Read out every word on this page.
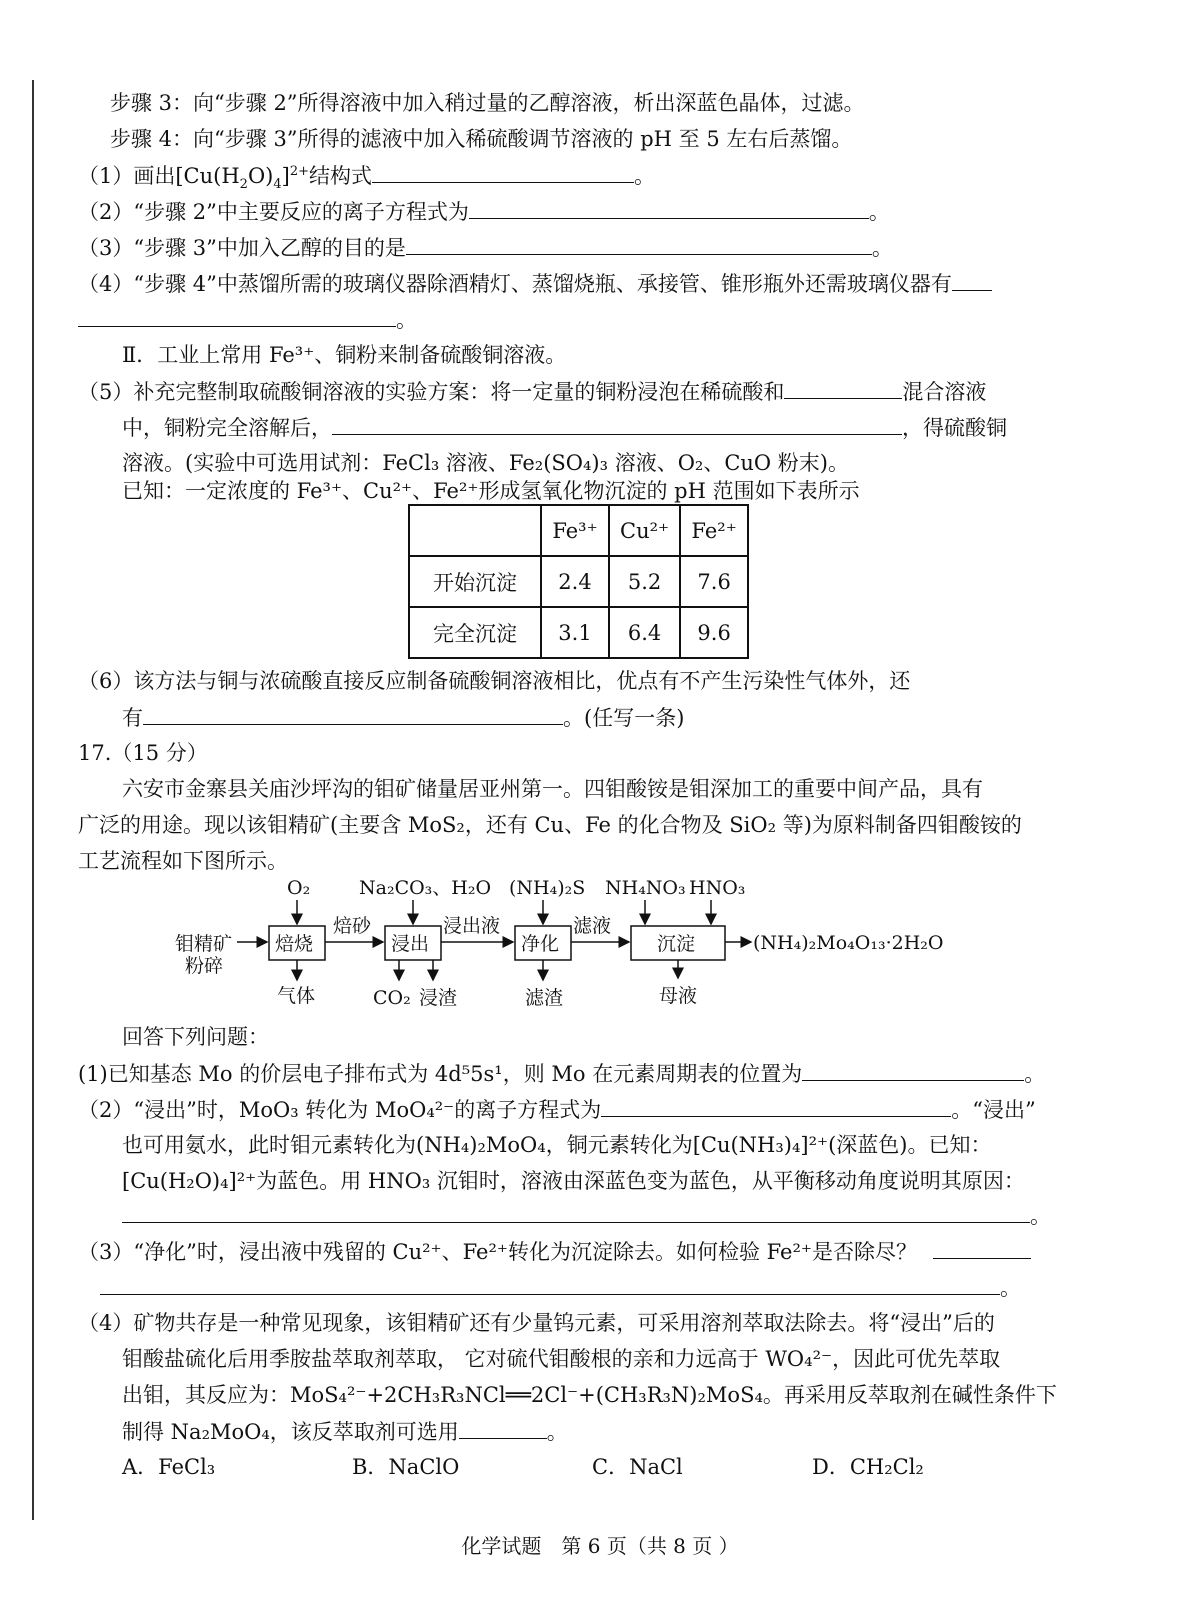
步骤 3：向“步骤 2”所得溶液中加入稍过量的乙醇溶液，析出深蓝色晶体，过滤。
步骤 4：向“步骤 3”所得的滤液中加入稀硫酸调节溶液的 pH 至 5 左右后蒸馏。
（1）画出$[Cu(H_2O)_4]^{2+}$结构式	。
（2）“步骤 2”中主要反应的离子方程式为	。
（3）“步骤 3”中加入乙醇的目的是	。
（4）“步骤 4”中蒸馏所需的玻璃仪器除酒精灯、蒸馏烧瓶、承接管、锥形瓶外还需玻璃仪器有
。
Ⅱ．工业上常用 Fe³⁺、铜粉来制备硫酸铜溶液。
（5）补充完整制取硫酸铜溶液的实验方案：将一定量的铜粉浸泡在稀硫酸和	混合溶液
中，铜粉完全溶解后，	，得硫酸铜
溶液。(实验中可选用试剂：FeCl₃ 溶液、Fe₂(SO₄)₃ 溶液、O₂、CuO 粉末)。
已知：一定浓度的 Fe³⁺、Cu²⁺、Fe²⁺形成氢氧化物沉淀的 pH 范围如下表所示
	Fe³⁺	Cu²⁺	Fe²⁺
开始沉淀	2.4	5.2	7.6
完全沉淀	3.1	6.4	9.6
（6）该方法与铜与浓硫酸直接反应制备硫酸铜溶液相比，优点有不产生污染性气体外，还
有	。(任写一条)
17.（15 分）
六安市金寨县关庙沙坪沟的钼矿储量居亚州第一。四钼酸铵是钼深加工的重要中间产品，具有
广泛的用途。现以该钼精矿(主要含 MoS₂，还有 Cu、Fe 的化合物及 SiO₂ 等)为原料制备四钼酸铵的
工艺流程如下图所示。
钼精矿
粉碎
焙烧
焙砂
浸出
浸出液
净化
滤液
沉淀	(NH₄)₂Mo₄O₁₃·2H₂O
O₂	Na₂CO₃、H₂O (NH₄)₂S NH₄NO₃ HNO₃
气体	CO₂ 浸渣	滤渣	母液
回答下列问题：
(1)已知基态 Mo 的价层电子排布式为 4d⁵5s¹，则 Mo 在元素周期表的位置为	。
（2）“浸出”时，MoO₃ 转化为 MoO₄²⁻的离子方程式为	。“浸出”
也可用氨水，此时钼元素转化为(NH₄)₂MoO₄，铜元素转化为[Cu(NH₃)₄]²⁺(深蓝色)。已知：
[Cu(H₂O)₄]²⁺为蓝色。用 HNO₃ 沉钼时，溶液由深蓝色变为蓝色，从平衡移动角度说明其原因：
。
（3）“净化”时，浸出液中残留的 Cu²⁺、Fe²⁺转化为沉淀除去。如何检验 Fe²⁺是否除尽？
。
（4）矿物共存是一种常见现象，该钼精矿还有少量钨元素，可采用溶剂萃取法除去。将“浸出”后的
钼酸盐硫化后用季胺盐萃取剂萃取， 它对硫代钼酸根的亲和力远高于 WO₄²⁻，因此可优先萃取
出钼，其反应为：MoS₄²⁻+2CH₃R₃NCl══2Cl⁻+(CH₃R₃N)₂MoS₄。再采用反萃取剂在碱性条件下
制得 Na₂MoO₄，该反萃取剂可选用	。
A．FeCl₃	B．NaClO	C．NaCl	D．CH₂Cl₂
化学试题　第 6 页（共 8 页 ）
